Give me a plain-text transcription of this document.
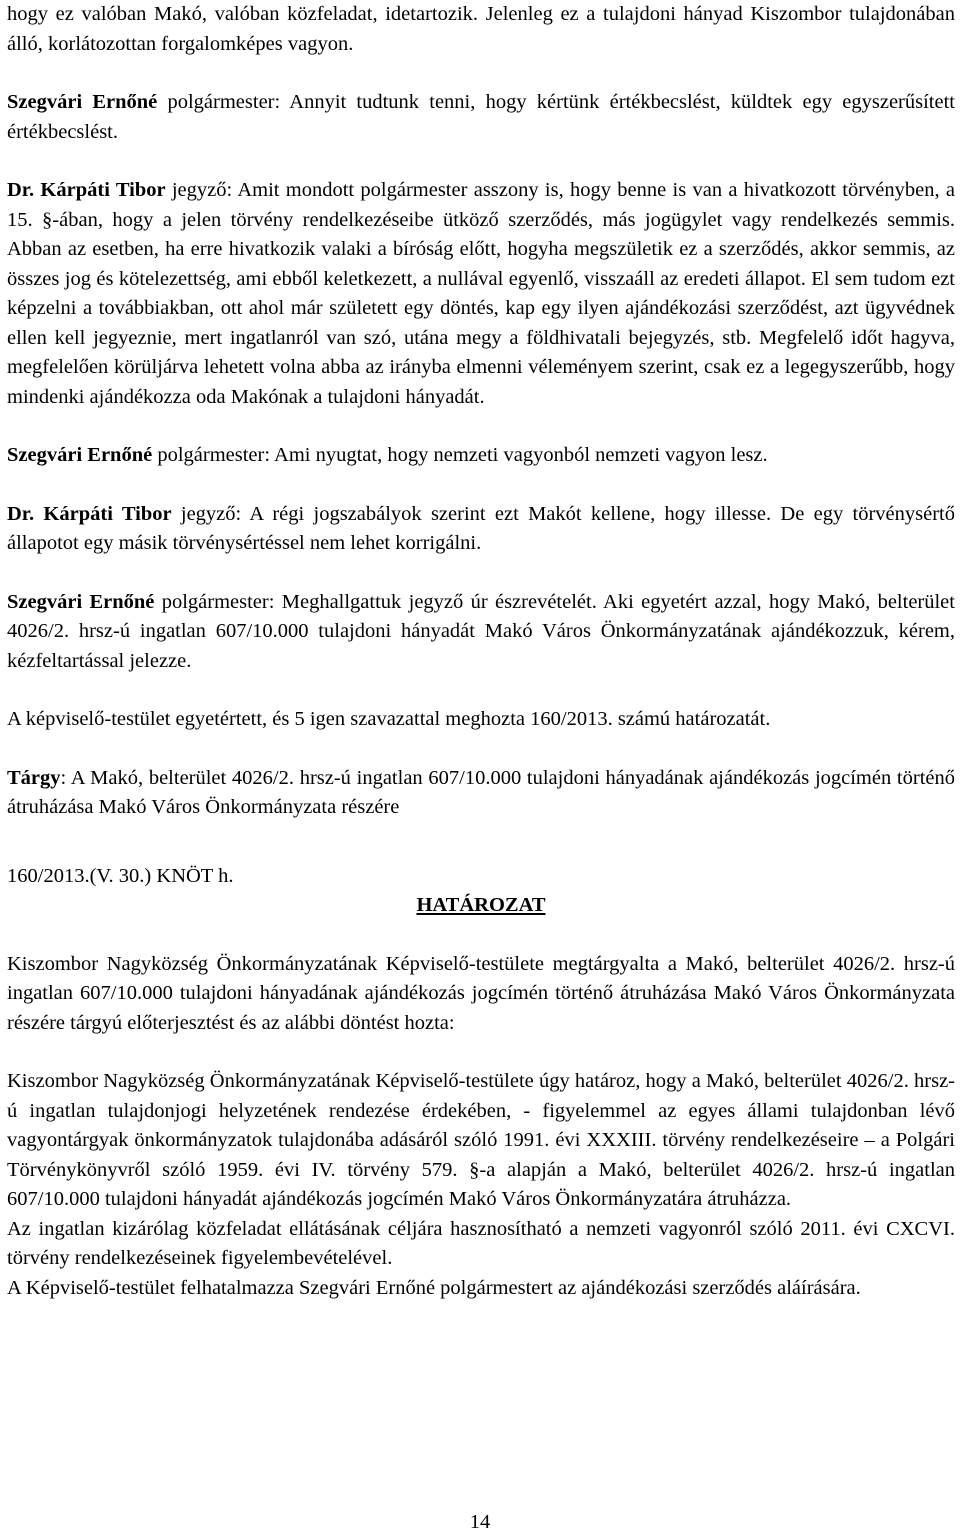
hogy ez valóban Makó, valóban közfeladat, idetartozik. Jelenleg ez a tulajdoni hányad Kiszombor tulajdonában álló, korlátozottan forgalomképes vagyon.

Szegvári Ernőné polgármester: Annyit tudtunk tenni, hogy kértünk értékbecslést, küldtek egy egyszerűsített értékbecslést.

Dr. Kárpáti Tibor jegyző: Amit mondott polgármester asszony is, hogy benne is van a hivatkozott törvényben, a 15. §-ában, hogy a jelen törvény rendelkezéseibe ütköző szerződés, más jogügylet vagy rendelkezés semmis. Abban az esetben, ha erre hivatkozik valaki a bíróság előtt, hogyha megszületik ez a szerződés, akkor semmis, az összes jog és kötelezettség, ami ebből keletkezett, a nullával egyenlő, visszaáll az eredeti állapot. El sem tudom ezt képzelni a továbbiakban, ott ahol már született egy döntés, kap egy ilyen ajándékozási szerződést, azt ügyvédnek ellen kell jegyeznie, mert ingatlanról van szó, utána megy a földhivatali bejegyzés, stb. Megfelelő időt hagyva, megfelelően körüljárva lehetett volna abba az irányba elmenni véleményem szerint, csak ez a legegyszerűbb, hogy mindenki ajándékozza oda Makónak a tulajdoni hányadát.

Szegvári Ernőné polgármester: Ami nyugtat, hogy nemzeti vagyonból nemzeti vagyon lesz.

Dr. Kárpáti Tibor jegyző: A régi jogszabályok szerint ezt Makót kellene, hogy illesse. De egy törvénysértő állapotot egy másik törvénysértéssel nem lehet korrigálni.

Szegvári Ernőné polgármester: Meghallgattuk jegyző úr észrevételét. Aki egyetért azzal, hogy Makó, belterület 4026/2. hrsz-ú ingatlan 607/10.000 tulajdoni hányadát Makó Város Önkormányzatának ajándékozzuk, kérem, kézfeltartással jelezze.

A képviselő-testület egyetértett, és 5 igen szavazattal meghozta 160/2013. számú határozatát.

Tárgy: A Makó, belterület 4026/2. hrsz-ú ingatlan 607/10.000 tulajdoni hányadának ajándékozás jogcímén történő átruházása Makó Város Önkormányzata részére

160/2013.(V. 30.) KNÖT h.

HATÁROZAT

Kiszombor Nagyközség Önkormányzatának Képviselő-testülete megtárgyalta a Makó, belterület 4026/2. hrsz-ú ingatlan 607/10.000 tulajdoni hányadának ajándékozás jogcímén történő átruházása Makó Város Önkormányzata részére tárgyú előterjesztést és az alábbi döntést hozta:

Kiszombor Nagyközség Önkormányzatának Képviselő-testülete úgy határoz, hogy a Makó, belterület 4026/2. hrsz-ú ingatlan tulajdonjogi helyzetének rendezése érdekében, - figyelemmel az egyes állami tulajdonban lévő vagyontárgyak önkormányzatok tulajdonába adásáról szóló 1991. évi XXXIII. törvény rendelkezéseire – a Polgári Törvénykönyvről szóló 1959. évi IV. törvény 579. §-a alapján a Makó, belterület 4026/2. hrsz-ú ingatlan 607/10.000 tulajdoni hányadát ajándékozás jogcímén Makó Város Önkormányzatára átruházza.

Az ingatlan kizárólag közfeladat ellátásának céljára hasznosítható a nemzeti vagyonról szóló 2011. évi CXCVI. törvény rendelkezéseinek figyelembevételével.

A Képviselő-testület felhatalmazza Szegvári Ernőné polgármestert az ajándékozási szerződés aláírására.

14
